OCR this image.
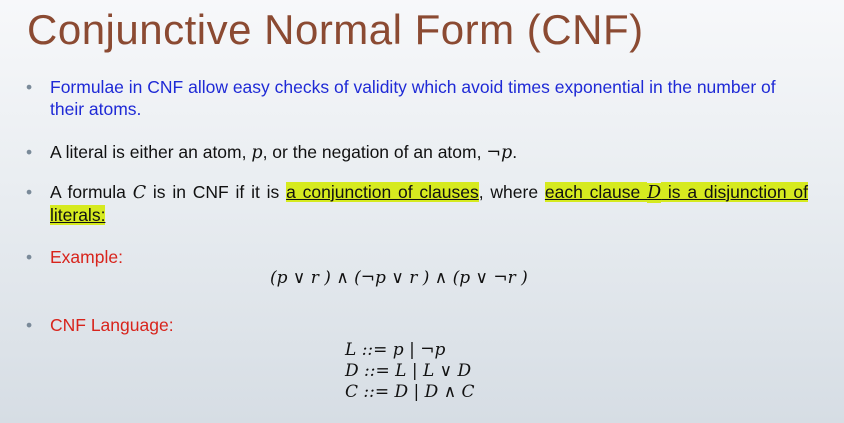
Conjunctive Normal Form (CNF)
•	Formulae in CNF allow easy checks of validity which avoid times exponential in the number of their atoms.
•	A literal is either an atom, p, or the negation of an atom, ¬p.
•	A formula C is in CNF if it is a conjunction of clauses, where each clause D is a disjunction of literals:
•	Example:
(p ∨ r ) ∧ (¬p ∨ r ) ∧ (p ∨ ¬r )
•	CNF Language:
L ::= p | ¬p
D ::= L | L ∨ D
C ::= D | D ∧ C
